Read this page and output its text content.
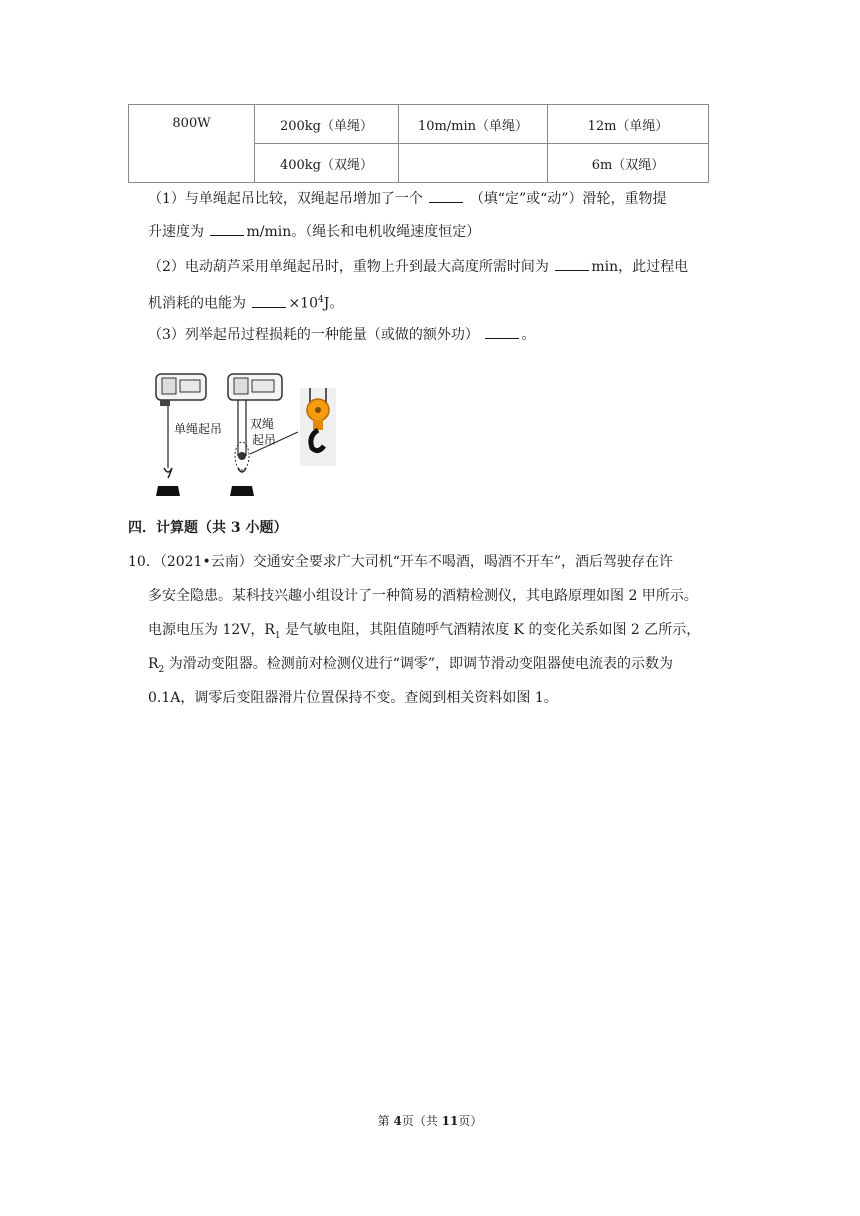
800W	200kg（单绳）	10m/min（单绳）	12m（单绳）
	400kg（双绳）		6m（双绳）
（1）与单绳起吊比较，双绳起吊增加了一个	（填“定”或“动”）滑轮，重物提
升速度为	m/min。（绳长和电机收绳速度恒定）
（2）电动葫芦采用单绳起吊时，重物上升到最大高度所需时间为	min，此过程电
机消耗的电能为	$\times 10^4J$。
（3）列举起吊过程损耗的一种能量（或做的额外功）	。
单绳起吊 双绳
起吊
四．计算题（共 3 小题）
10．（2021•云南）交通安全要求广大司机“开车不喝酒，喝酒不开车”，酒后驾驶存在许
多安全隐患。某科技兴趣小组设计了一种简易的酒精检测仪，其电路原理如图 2 甲所示。
电源电压为 12V，$R_1$ 是气敏电阻，其阻值随呼气酒精浓度 K 的变化关系如图 2 乙所示，
$R_2$ 为滑动变阻器。检测前对检测仪进行“调零”，即调节滑动变阻器使电流表的示数为
0.1A，调零后变阻器滑片位置保持不变。查阅到相关资料如图 1。
第 4页（共 11页）
